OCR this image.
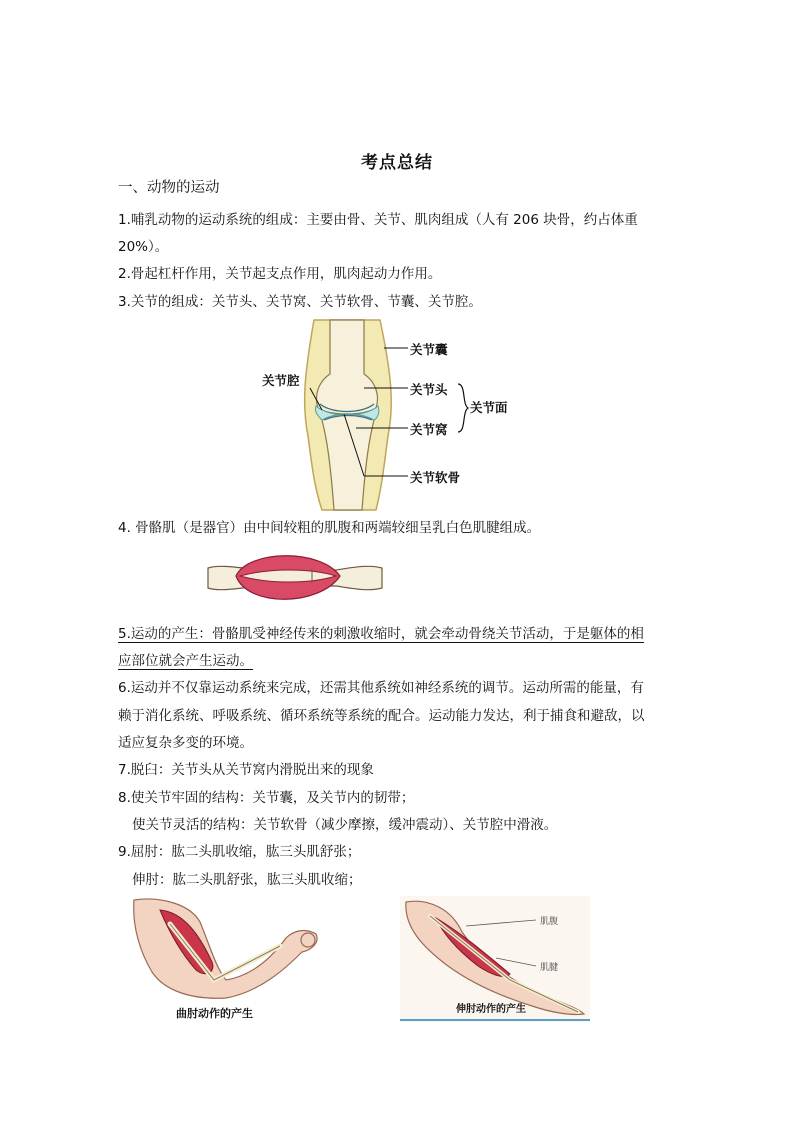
考点总结
一、动物的运动
1.哺乳动物的运动系统的组成：主要由骨、关节、肌肉组成（人有 206 块骨，约占体重
20%）。
2.骨起杠杆作用，关节起支点作用，肌肉起动力作用。
3.关节的组成：关节头、关节窝、关节软骨、节囊、关节腔。
关节囊
关节腔
关节头
关节面
关节窝
关节软骨
4. 骨骼肌（是器官）由中间较粗的肌腹和两端较细呈乳白色肌腱组成。
5.运动的产生：骨骼肌受神经传来的刺激收缩时，就会牵动骨绕关节活动，于是躯体的相
应部位就会产生运动。
6.运动并不仅靠运动系统来完成，还需其他系统如神经系统的调节。运动所需的能量，有
赖于消化系统、呼吸系统、循环系统等系统的配合。运动能力发达，利于捕食和避敌，以
适应复杂多变的环境。
7.脱臼：关节头从关节窝内滑脱出来的现象
8.使关节牢固的结构：关节囊，及关节内的韧带；
使关节灵活的结构：关节软骨（减少摩擦，缓冲震动）、关节腔中滑液。
9.屈肘：肱二头肌收缩，肱三头肌舒张；
伸肘：肱二头肌舒张，肱三头肌收缩；
曲肘动作的产生
肌腹
肌腱
伸肘动作的产生
